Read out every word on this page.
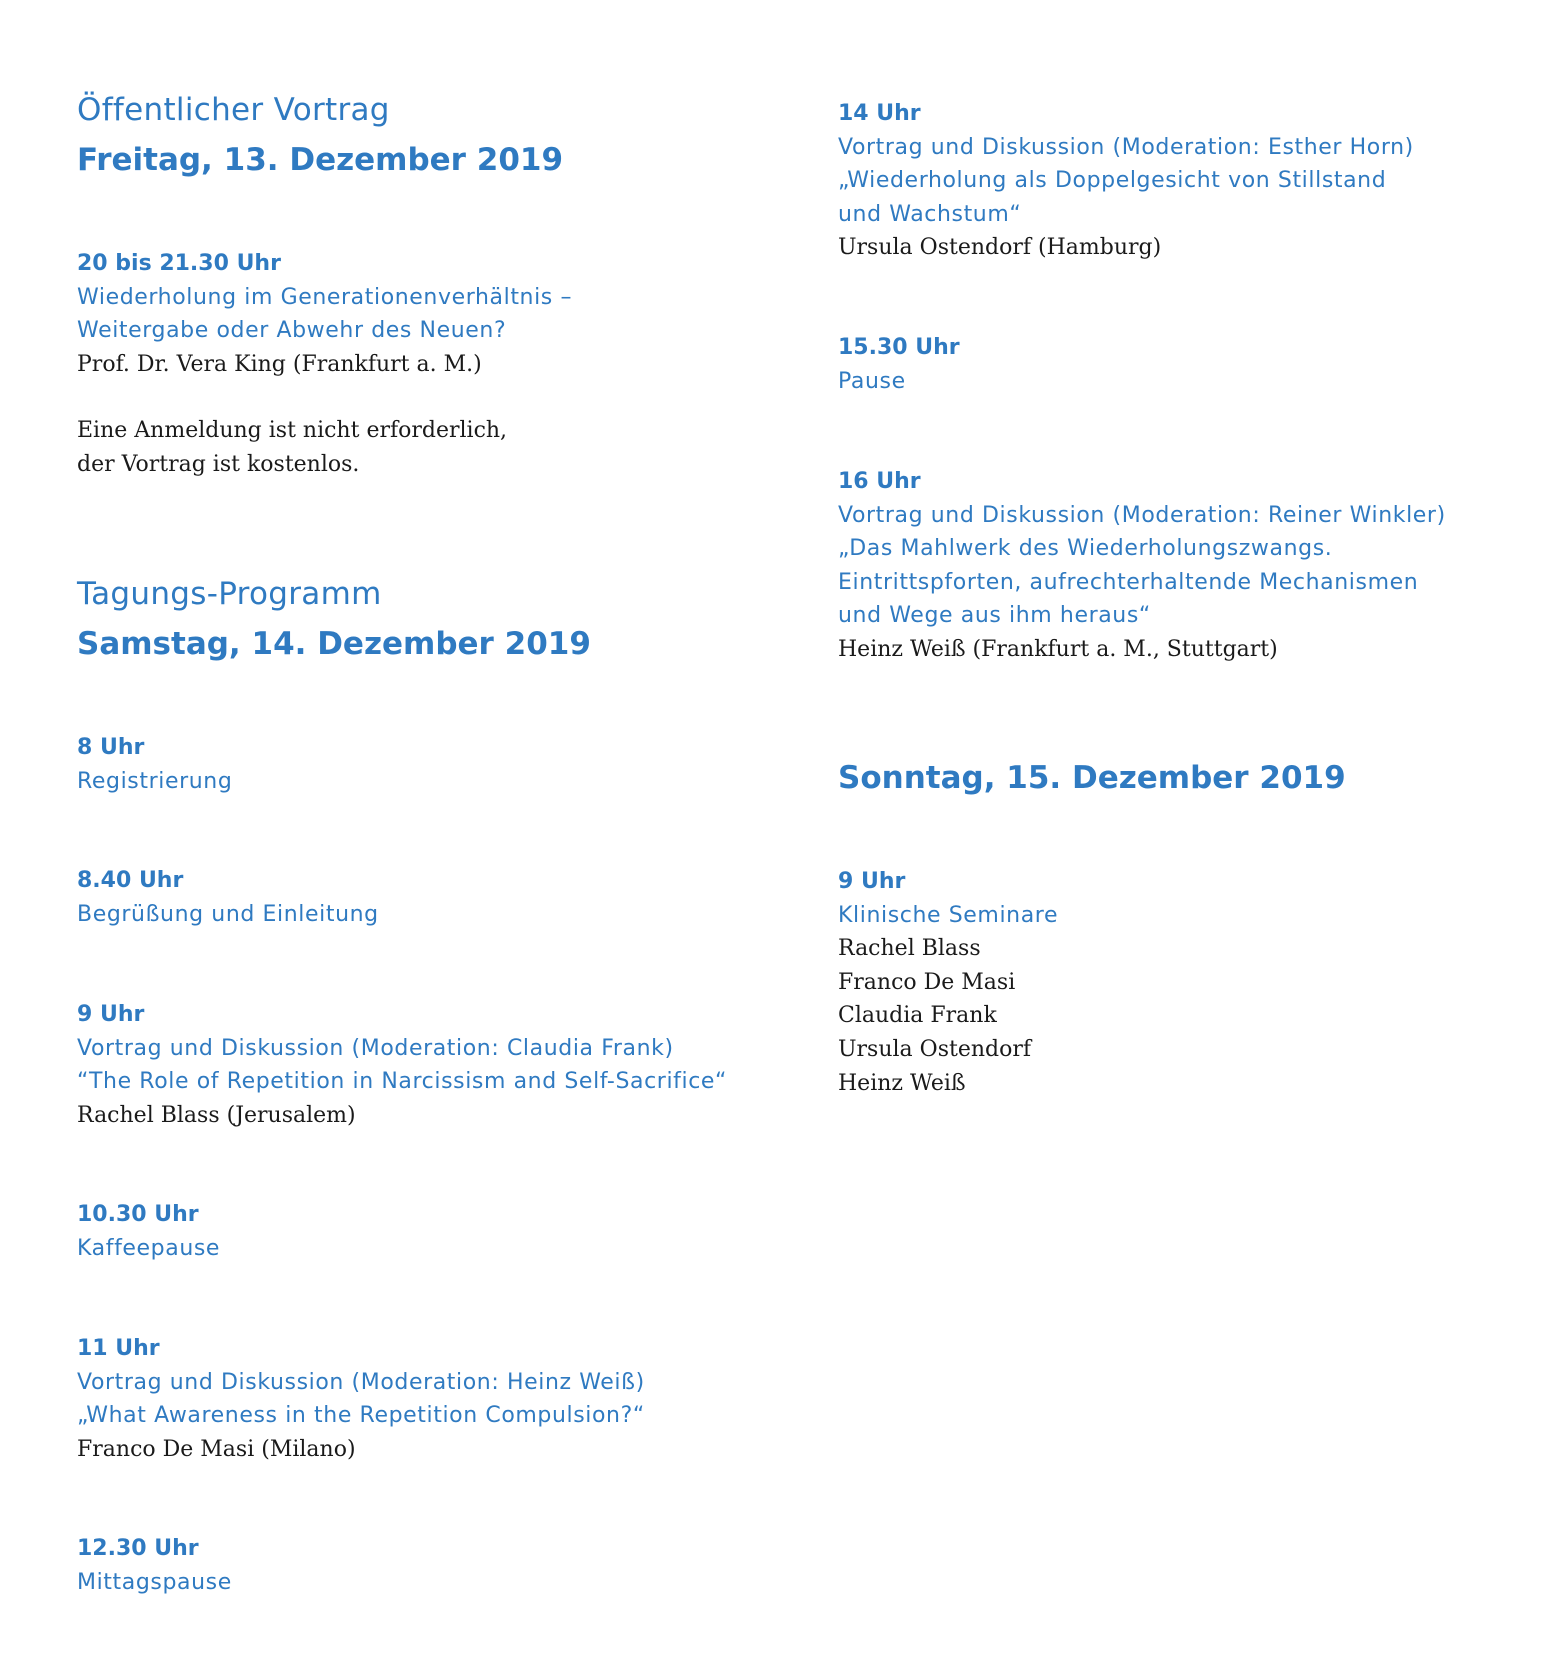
Öffentlicher Vortrag
Freitag, 13. Dezember 2019
20 bis 21.30 Uhr
Wiederholung im Generationenverhältnis –
Weitergabe oder Abwehr des Neuen?
Prof. Dr. Vera King (Frankfurt a. M.)
Eine Anmeldung ist nicht erforderlich,
der Vortrag ist kostenlos.
Tagungs-Programm
Samstag, 14. Dezember 2019
8 Uhr
Registrierung
8.40 Uhr
Begrüßung und Einleitung
9 Uhr
Vortrag und Diskussion (Moderation: Claudia Frank)
“The Role of Repetition in Narcissism and Self-Sacrifice“
Rachel Blass (Jerusalem)
10.30 Uhr
Kaffeepause
11 Uhr
Vortrag und Diskussion (Moderation: Heinz Weiß)
„What Awareness in the Repetition Compulsion?“
Franco De Masi (Milano)
12.30 Uhr
Mittagspause
14 Uhr
Vortrag und Diskussion (Moderation: Esther Horn)
„Wiederholung als Doppelgesicht von Stillstand
und Wachstum“
Ursula Ostendorf (Hamburg)
15.30 Uhr
Pause
16 Uhr
Vortrag und Diskussion (Moderation: Reiner Winkler)
„Das Mahlwerk des Wiederholungszwangs.
Eintrittspforten, aufrechterhaltende Mechanismen
und Wege aus ihm heraus“
Heinz Weiß (Frankfurt a. M., Stuttgart)
Sonntag, 15. Dezember 2019
9 Uhr
Klinische Seminare
Rachel Blass
Franco De Masi
Claudia Frank
Ursula Ostendorf
Heinz Weiß
